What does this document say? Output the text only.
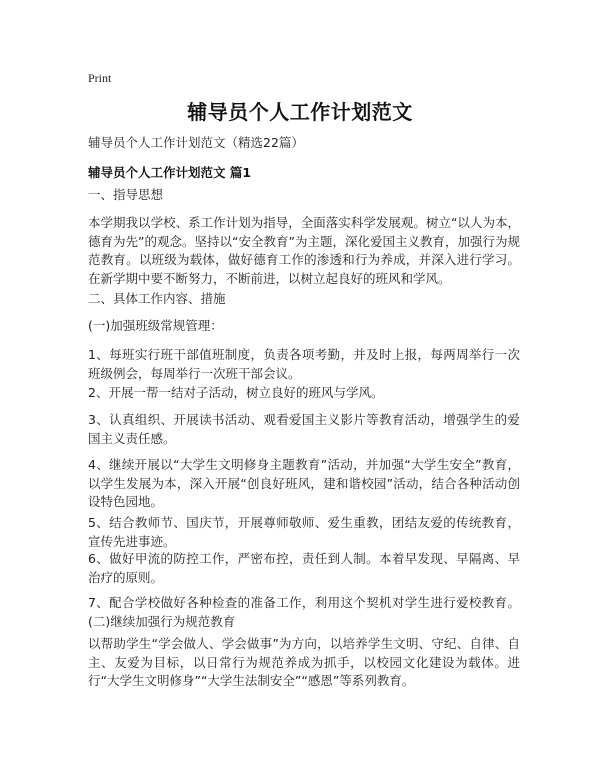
Print
辅导员个人工作计划范文
辅导员个人工作计划范文（精选22篇）
辅导员个人工作计划范文 篇1

一、指导思想

本学期我以学校、系工作计划为指导，全面落实科学发展观。树立“以人为本，德育为先”的观念。坚持以“安全教育”为主题，深化爱国主义教育，加强行为规范教育。以班级为载体，做好德育工作的渗透和行为养成，并深入进行学习。在新学期中要不断努力，不断前进，以树立起良好的班风和学风。

二、具体工作内容、措施

(一)加强班级常规管理：

1、每班实行班干部值班制度，负责各项考勤，并及时上报，每两周举行一次班级例会，每周举行一次班干部会议。

2、开展一帮一结对子活动，树立良好的班风与学风。

3、认真组织、开展读书活动、观看爱国主义影片等教育活动，增强学生的爱国主义责任感。

4、继续开展以“大学生文明修身主题教育”活动，并加强“大学生安全”教育，以学生发展为本，深入开展“创良好班风，建和谐校园”活动，结合各种活动创设特色园地。

5、结合教师节、国庆节，开展尊师敬师、爱生重教，团结友爱的传统教育，宣传先进事迹。

6、做好甲流的防控工作，严密布控，责任到人制。本着早发现、早隔离、早治疗的原则。

7、配合学校做好各种检查的准备工作，利用这个契机对学生进行爱校教育。(二)继续加强行为规范教育

以帮助学生“学会做人、学会做事”为方向，以培养学生文明、守纪、自律、自主、友爱为目标，以日常行为规范养成为抓手，以校园文化建设为载体。进行“大学生文明修身”“大学生法制安全”“感恩”等系列教育。
